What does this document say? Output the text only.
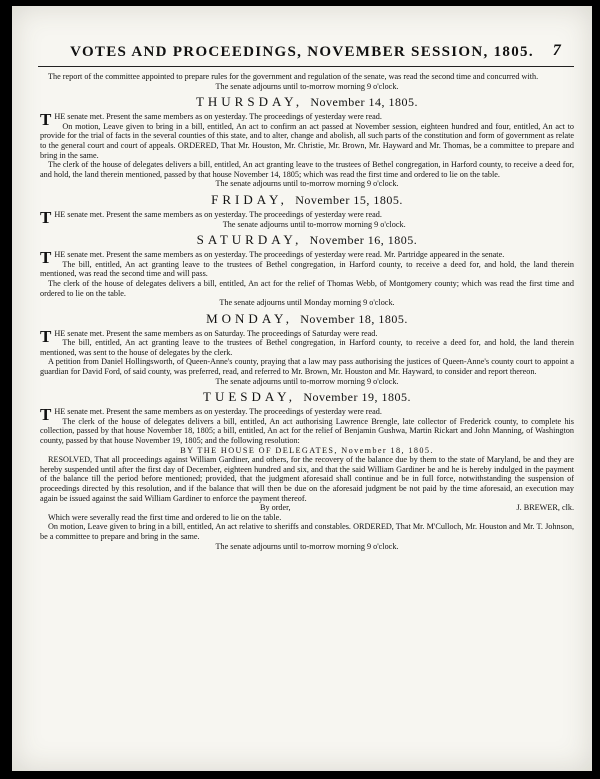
VOTES AND PROCEEDINGS, NOVEMBER SESSION, 1805. 7

The report of the committee appointed to prepare rules for the government and regulation of the senate, was read the second time and concurred with.

The senate adjourns until to-morrow morning 9 o'clock.

THURSDAY, November 14, 1805.

THE senate met. Present the same members as on yesterday. The proceedings of yesterday were read.

On motion, Leave given to bring in a bill, entitled, An act to confirm an act passed at November session, eighteen hundred and four, entitled, An act to provide for the trial of facts in the several counties of this state, and to alter, change and abolish, all such parts of the constitution and form of government as relate to the general court and court of appeals. ORDERED, That Mr. Houston, Mr. Christie, Mr. Brown, Mr. Hayward and Mr. Thomas, be a committee to prepare and bring in the same.

The clerk of the house of delegates delivers a bill, entitled, An act granting leave to the trustees of Bethel congregation, in Harford county, to receive a deed for, and hold, the land therein mentioned, passed by that house November 14, 1805; which was read the first time and ordered to lie on the table.

The senate adjourns until to-morrow morning 9 o'clock.

FRIDAY, November 15, 1805.

THE senate met. Present the same members as on yesterday. The proceedings of yesterday were read.

The senate adjourns until to-morrow morning 9 o'clock.

SATURDAY, November 16, 1805.

THE senate met. Present the same members as on yesterday. The proceedings of yesterday were read. Mr. Partridge appeared in the senate.

The bill, entitled, An act granting leave to the trustees of Bethel congregation, in Harford county, to receive a deed for, and hold, the land therein mentioned, was read the second time and will pass.

The clerk of the house of delegates delivers a bill, entitled, An act for the relief of Thomas Webb, of Montgomery county; which was read the first time and ordered to lie on the table.

The senate adjourns until Monday morning 9 o'clock.

MONDAY, November 18, 1805.

THE senate met. Present the same members as on Saturday. The proceedings of Saturday were read.

The bill, entitled, An act granting leave to the trustees of Bethel congregation, in Harford county, to receive a deed for, and hold, the land therein mentioned, was sent to the house of delegates by the clerk.

A petition from Daniel Hollingsworth, of Queen-Anne's county, praying that a law may pass authorising the justices of Queen-Anne's county court to appoint a guardian for David Ford, of said county, was preferred, read, and referred to Mr. Brown, Mr. Houston and Mr. Hayward, to consider and report thereon.

The senate adjourns until to-morrow morning 9 o'clock.

TUESDAY, November 19, 1805.

THE senate met. Present the same members as on yesterday. The proceedings of yesterday were read.

The clerk of the house of delegates delivers a bill, entitled, An act authorising Lawrence Brengle, late collector of Frederick county, to complete his collection, passed by that house November 18, 1805; a bill, entitled, An act for the relief of Benjamin Gushwa, Martin Rickart and John Manning, of Washington county, passed by that house November 19, 1805; and the following resolution:

BY THE HOUSE OF DELEGATES, November 18, 1805.

RESOLVED, That all proceedings against William Gardiner, and others, for the recovery of the balance due by them to the state of Maryland, be and they are hereby suspended until after the first day of December, eighteen hundred and six, and that the said William Gardiner be and he is hereby indulged in the payment of the balance till the period before mentioned; provided, that the judgment aforesaid shall continue and be in full force, notwithstanding the suspension of proceedings directed by this resolution, and if the balance that will then be due on the aforesaid judgment be not paid by the time aforesaid, an execution may again be issued against the said William Gardiner to enforce the payment thereof.

By order,	J. BREWER, clk.

Which were severally read the first time and ordered to lie on the table.

On motion, Leave given to bring in a bill, entitled, An act relative to sheriffs and constables. ORDERED, That Mr. M'Culloch, Mr. Houston and Mr. T. Johnson, be a committee to prepare and bring in the same.

The senate adjourns until to-morrow morning 9 o'clock.
